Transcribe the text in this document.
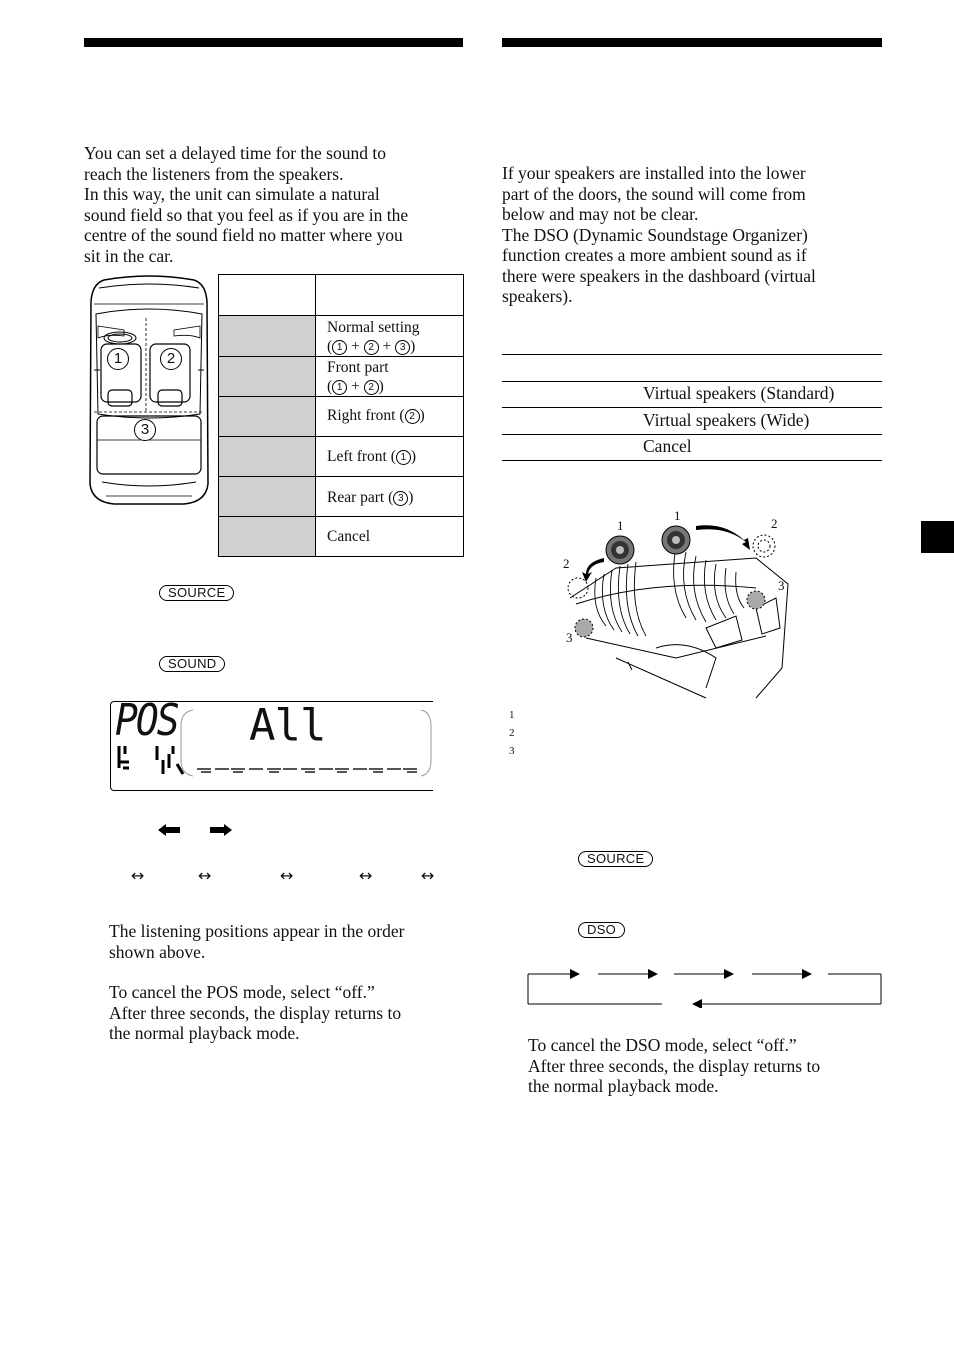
You can set a delayed time for the sound to
reach the listeners from the speakers.
In this way, the unit can simulate a natural
sound field so that you feel as if you are in the
centre of the sound field no matter where you
sit in the car.
1	2
3
Normal setting
( 1 + 2 + 3 )
Front part
( 1 + 2 )
Right front ( 2 )
Left front ( 1 )
Rear part ( 3 )
Cancel
SOURCE
SOUND
POS All
↔	↔	↔	↔	↔
The listening positions appear in the order
shown above.
To cancel the POS mode, select “off.”
After three seconds, the display returns to
the normal playback mode.
If your speakers are installed into the lower
part of the doors, the sound will come from
below and may not be clear.
The DSO (Dynamic Soundstage Organizer)
function creates a more ambient sound as if
there were speakers in the dashboard (virtual
speakers).
Virtual speakers (Standard)
Virtual speakers (Wide)
Cancel
1
1
2
2
3
3
1
2
3
SOURCE
DSO
To cancel the DSO mode, select “off.”
After three seconds, the display returns to
the normal playback mode.
